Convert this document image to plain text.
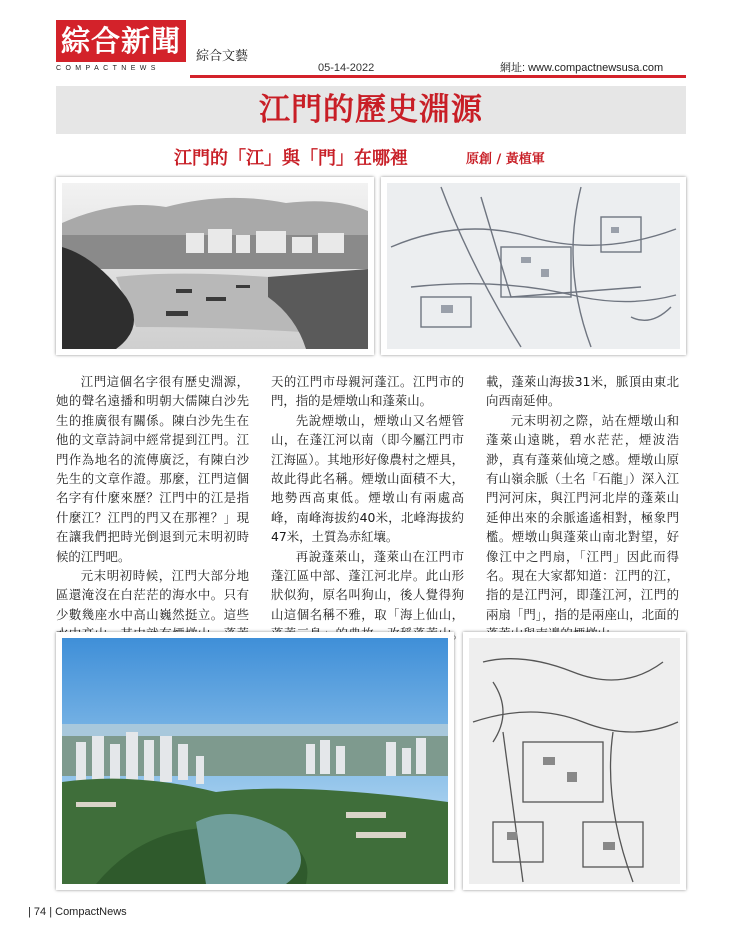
綜合新聞
COMPACTNEWS
綜合文藝
05-14-2022	網址: www.compactnewsusa.com
江門的歷史淵源
江門的「江」與「門」在哪裡	原創 / 黃植軍

江門這個名字很有歷史淵源，她的聲名遠播和明朝大儒陳白沙先生的推廣很有關係。陳白沙先生在他的文章詩詞中經常提到江門。江門作為地名的流傳廣泛，有陳白沙先生的文章作證。那麼，江門這個名字有什麼來歷？江門中的江是指什麼江？江門的門又在那裡？」現在讓我們把時光倒退到元末明初時候的江門吧。

元末明初時候，江門大部分地區還淹沒在白茫茫的海水中。只有少數幾座水中高山巍然挺立。這些

天的江門市母親河蓬江。江門市的門，指的是煙墩山和蓬萊山。

先說煙墩山，煙墩山又名煙管山，在蓬江河以南（即今屬江門市江海區）。其地形好像農村之煙具，故此得此名稱。煙墩山面積不大，地勢西高東低。煙墩山有兩處高峰，南峰海拔約40米，北峰海拔約47米，土質為赤紅壤。

再說蓬萊山，蓬萊山在江門市蓬江區中部、蓬江河北岸。此山形狀似狗，原名叫狗山，後人覺得狗山這個名稱不雅，取「海上仙山， 。

載，蓬萊山海拔31米，脈頂由東北向西南延伸。

元末明初之際，站在煙墩山和蓬萊山遠眺，碧水茫茫，煙波浩渺，真有蓬萊仙境之感。煙墩山原有山嶺余脈（土名「石龍」）深入江門河河床，與江門河北岸的蓬萊山延伸出來的余脈遙遙相對，極象門檻。煙墩山與蓬萊山南北對望，好像江中之門扇，「江門」因此而得名。現在大家都知道：江門的江，指的是江門河，即蓬江河，江門的兩扇「門」，指的是兩座山，北面的

| 74 | CompactNews
